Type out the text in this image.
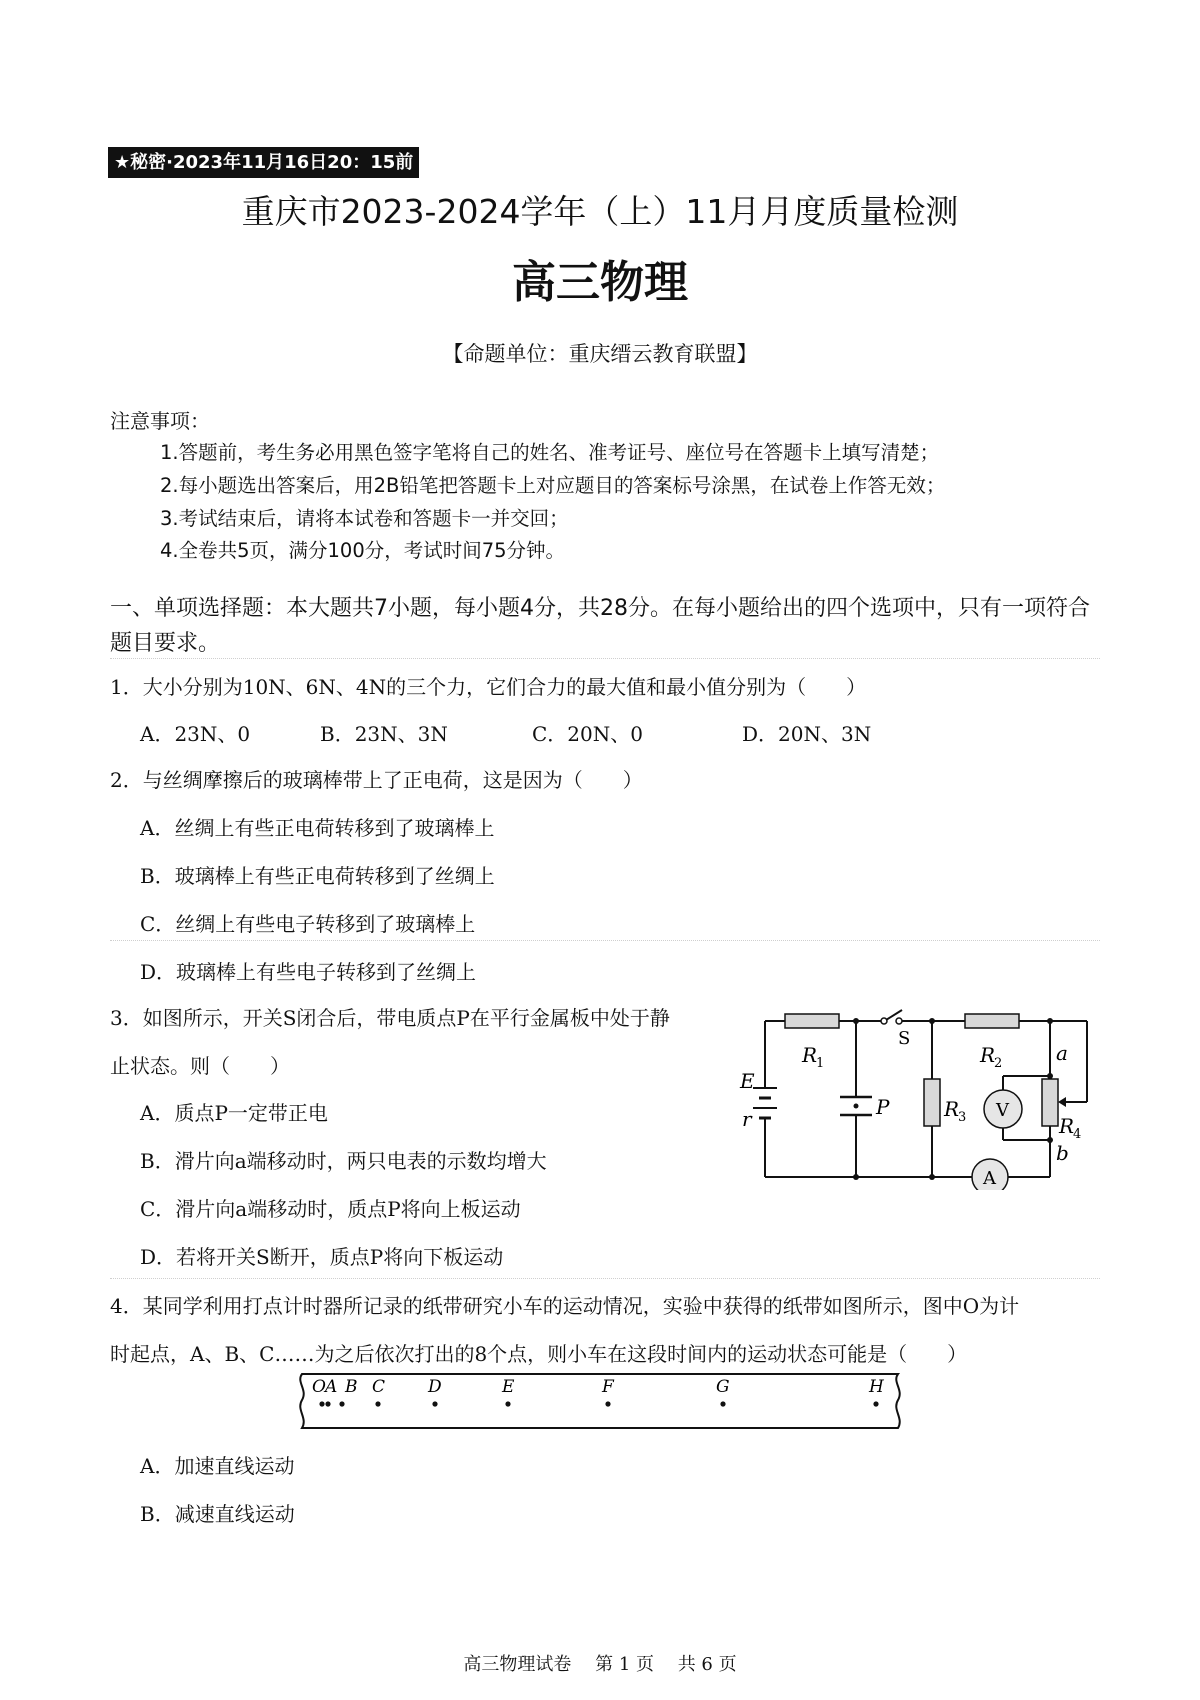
★秘密·2023年11月16日20：15前
重庆市2023-2024学年（上）11月月度质量检测
高三物理
【命题单位：重庆缙云教育联盟】
注意事项：
1.答题前，考生务必用黑色签字笔将自己的姓名、准考证号、座位号在答题卡上填写清楚；
2.每小题选出答案后，用2B铅笔把答题卡上对应题目的答案标号涂黑，在试卷上作答无效；
3.考试结束后，请将本试卷和答题卡一并交回；
4.全卷共5页，满分100分，考试时间75分钟。
一、单项选择题：本大题共7小题，每小题4分，共28分。在每小题给出的四个选项中，只有一项符合题目要求。
1．大小分别为10N、6N、4N的三个力，它们合力的最大值和最小值分别为（　　）
A．23N、0	B．23N、3N	C．20N、0	D．20N、3N
2．与丝绸摩擦后的玻璃棒带上了正电荷，这是因为（　　）
A．丝绸上有些正电荷转移到了玻璃棒上
B．玻璃棒上有些正电荷转移到了丝绸上
C．丝绸上有些电子转移到了玻璃棒上
D．玻璃棒上有些电子转移到了丝绸上
3．如图所示，开关S闭合后，带电质点P在平行金属板中处于静
止状态。则（　　）
A．质点P一定带正电
B．滑片向a端移动时，两只电表的示数均增大
C．滑片向a端移动时，质点P将向上板运动
D．若将开关S断开，质点P将向下板运动
R
1
S
R
2	a
E
r	P	R
3 V
R
4
b
A
4．某同学利用打点计时器所记录的纸带研究小车的运动情况，实验中获得的纸带如图所示，图中O为计
时起点，A、B、C……为之后依次打出的8个点，则小车在这段时间内的运动状态可能是（　　）
O A B C	D	E	F	G	H
A．加速直线运动
B．减速直线运动
高三物理试卷　 第 1 页　 共 6 页
